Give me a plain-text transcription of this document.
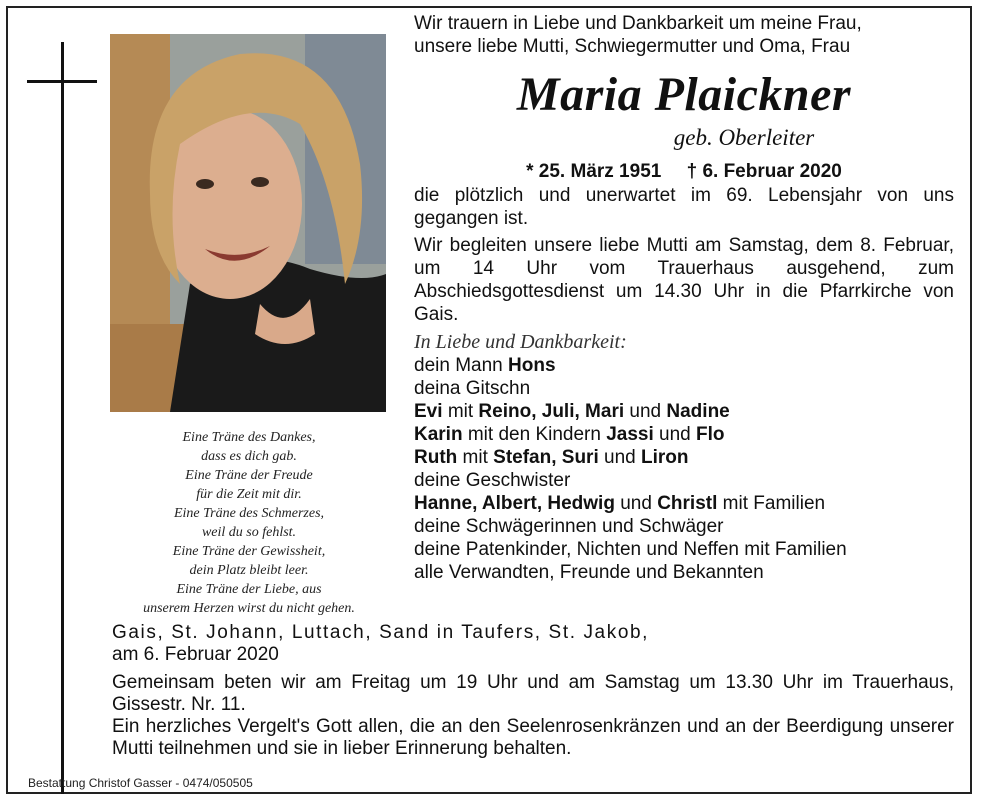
Eine Träne des Dankes,
dass es dich gab.
Eine Träne der Freude
für die Zeit mit dir.
Eine Träne des Schmerzes,
weil du so fehlst.
Eine Träne der Gewissheit,
dein Platz bleibt leer.
Eine Träne der Liebe, aus
unserem Herzen wirst du nicht gehen.
Wir trauern in Liebe und Dankbarkeit um meine Frau,
unsere liebe Mutti, Schwiegermutter und Oma, Frau
Maria Plaickner
geb. Oberleiter
* 25. März 1951 † 6. Februar 2020
die plötzlich und unerwartet im 69. Lebensjahr von uns gegangen ist.
Wir begleiten unsere liebe Mutti am Samstag, dem 8. Februar, um 14 Uhr vom Trauerhaus ausgehend, zum Abschiedsgottesdienst um 14.30 Uhr in die Pfarrkirche von Gais.
In Liebe und Dankbarkeit:
dein Mann Hons
deina Gitschn
Evi mit Reino, Juli, Mari und Nadine
Karin mit den Kindern Jassi und Flo
Ruth mit Stefan, Suri und Liron
deine Geschwister
Hanne, Albert, Hedwig und Christl mit Familien
deine Schwägerinnen und Schwäger
deine Patenkinder, Nichten und Neffen mit Familien
alle Verwandten, Freunde und Bekannten
Gais, St. Johann, Luttach, Sand in Taufers, St. Jakob,
am 6. Februar 2020
Gemeinsam beten wir am Freitag um 19 Uhr und am Samstag um 13.30 Uhr im Trauerhaus, Gissestr. Nr. 11.
Ein herzliches Vergelt's Gott allen, die an den Seelenrosenkränzen und an der Beerdigung unserer Mutti teilnehmen und sie in lieber Erinnerung behalten.
Bestattung Christof Gasser - 0474/050505
